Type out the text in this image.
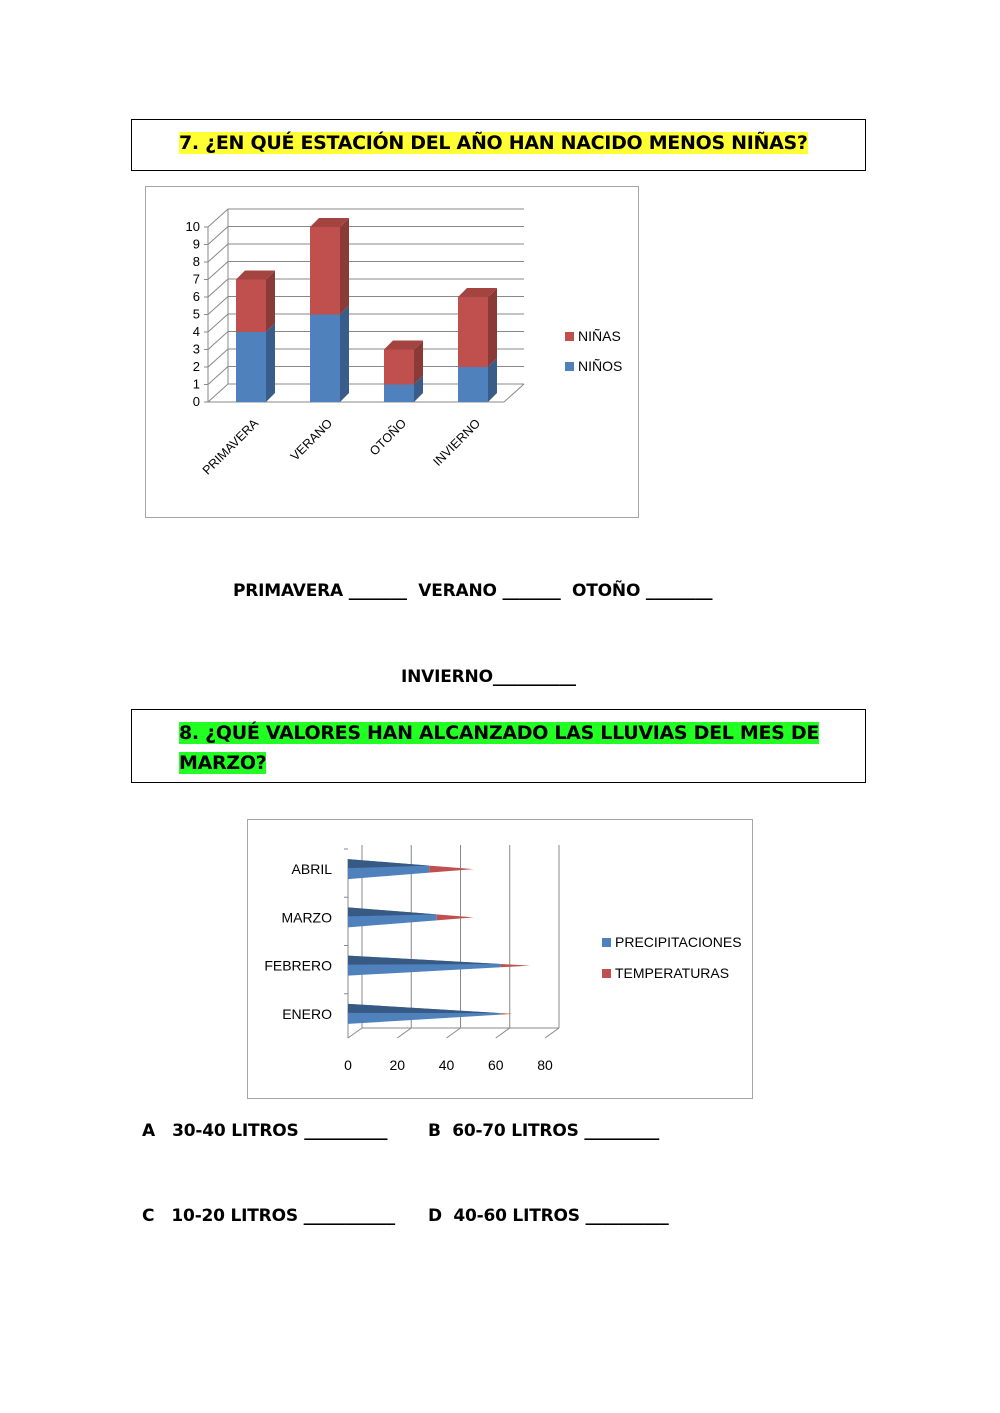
7. ¿EN QUÉ ESTACIÓN DEL AÑO HAN NACIDO MENOS NIÑAS?
0
1
2
3
4
5
6
7
8
9
10
PRIMAVERA VERANO	OTOÑO INVIERNO
NIÑAS
NIÑOS
PRIMAVERA _______  VERANO _______  OTOÑO ________
INVIERNO__________
8. ¿QUÉ VALORES HAN ALCANZADO LAS LLUVIAS DEL MES DE
MARZO?
0	20 40 60 80
ENERO
FEBRERO
MARZO
ABRIL
PRECIPITACIONES
TEMPERATURAS
A   30-40 LITROS __________ B  60-70 LITROS _________
C   10-20 LITROS ___________ D  40-60 LITROS __________
